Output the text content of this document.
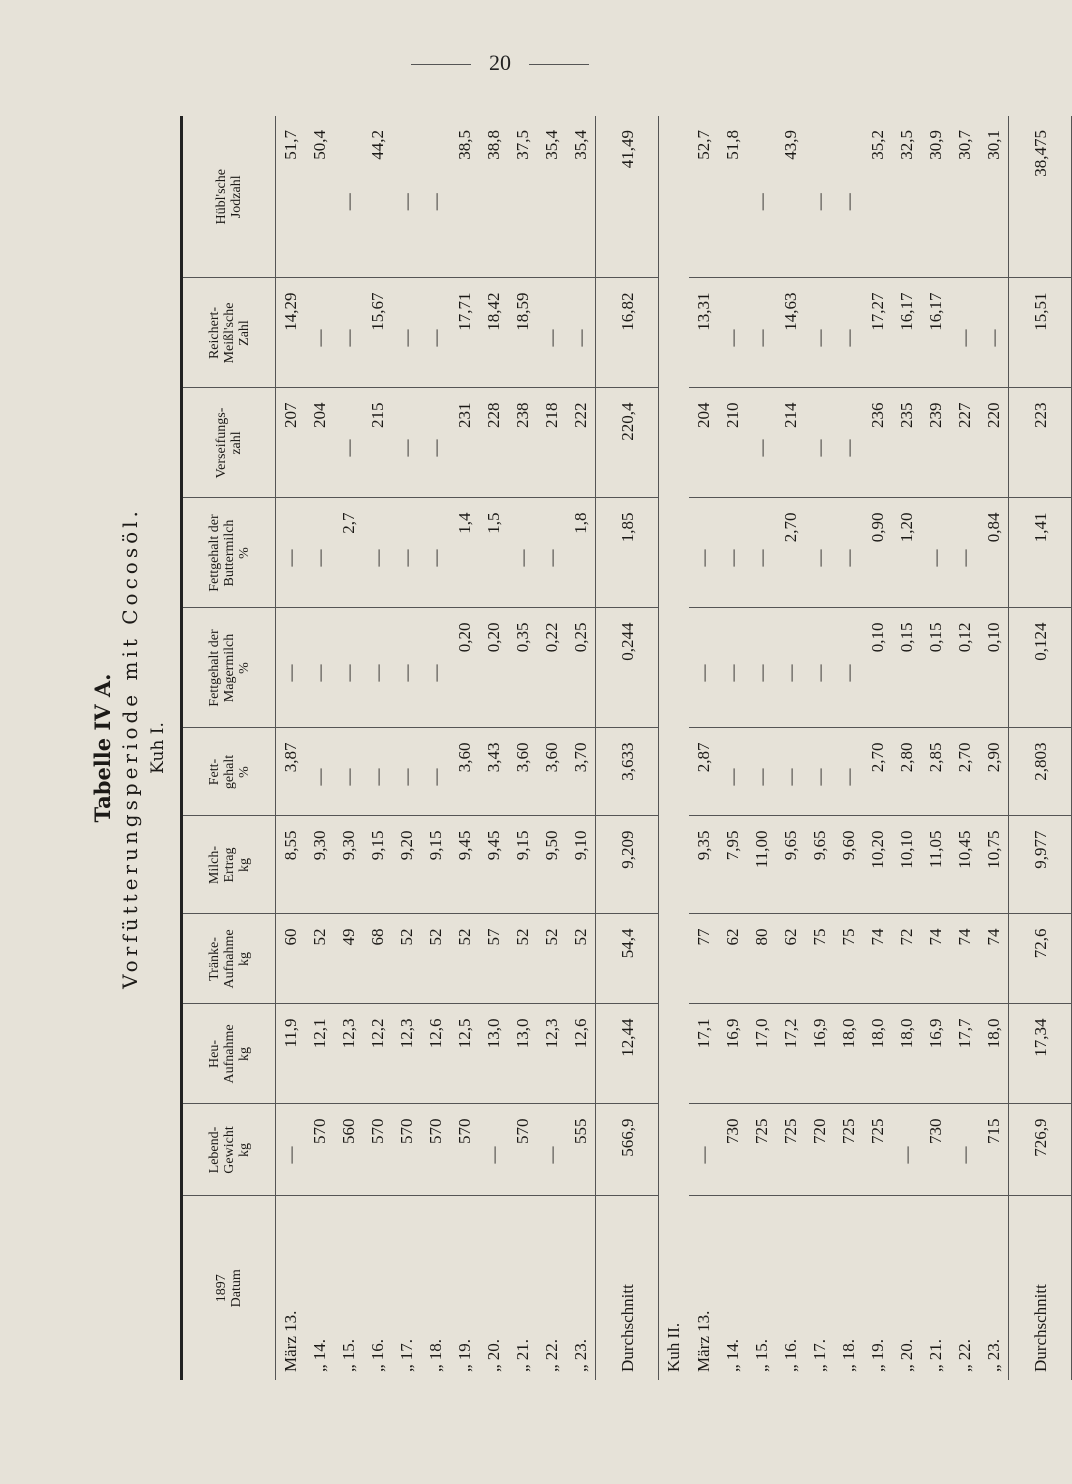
20
Tabelle IV A. Vorfütterungsperiode mit Cocosöl. Kuh I.
1897
Datum	Lebend-
Gewicht
kg	Heu-
Aufnahme
kg	Tränke-
Aufnahme
kg	Milch-
Ertrag
kg	Fett-
gehalt
%	Fettgehalt der
Magermilch
%	Fettgehalt der
Buttermilch
%	Verseifungs-
zahl	Reichert-
Meißl'sche
Zahl	Hübl'sche
Jodzahl
März 13.	—	11,9	60	8,55	3,87	—	—	207	14,29	51,7
„ 14.	570	12,1	52	9,30	—	—	—	204	—	50,4
„ 15.	560	12,3	49	9,30	—	—	2,7	—	—	—
„ 16.	570	12,2	68	9,15	—	—	—	215	15,67	44,2
„ 17.	570	12,3	52	9,20	—	—	—	—	—	—
„ 18.	570	12,6	52	9,15	—	—	—	—	—	—
„ 19.	570	12,5	52	9,45	3,60	0,20	1,4	231	17,71	38,5
„ 20.	—	13,0	57	9,45	3,43	0,20	1,5	228	18,42	38,8
„ 21.	570	13,0	52	9,15	3,60	0,35	—	238	18,59	37,5
„ 22.	—	12,3	52	9,50	3,60	0,22	—	218	—	35,4
„ 23.	555	12,6	52	9,10	3,70	0,25	1,8	222	—	35,4
Durchschnitt	566,9	12,44	54,4	9,209	3,633	0,244	1,85	220,4	16,82	41,49
Kuh II.										
März 13.	—	17,1	77	9,35	2,87	—	—	204	13,31	52,7
„ 14.	730	16,9	62	7,95	—	—	—	210	—	51,8
„ 15.	725	17,0	80	11,00	—	—	—	—	—	—
„ 16.	725	17,2	62	9,65	—	—	2,70	214	14,63	43,9
„ 17.	720	16,9	75	9,65	—	—	—	—	—	—
„ 18.	725	18,0	75	9,60	—	—	—	—	—	—
„ 19.	725	18,0	74	10,20	2,70	0,10	0,90	236	17,27	35,2
„ 20.	—	18,0	72	10,10	2,80	0,15	1,20	235	16,17	32,5
„ 21.	730	16,9	74	11,05	2,85	0,15	—	239	16,17	30,9
„ 22.	—	17,7	74	10,45	2,70	0,12	—	227	—	30,7
„ 23.	715	18,0	74	10,75	2,90	0,10	0,84	220	—	30,1
Durchschnitt	726,9	17,34	72,6	9,977	2,803	0,124	1,41	223	15,51	38,475
